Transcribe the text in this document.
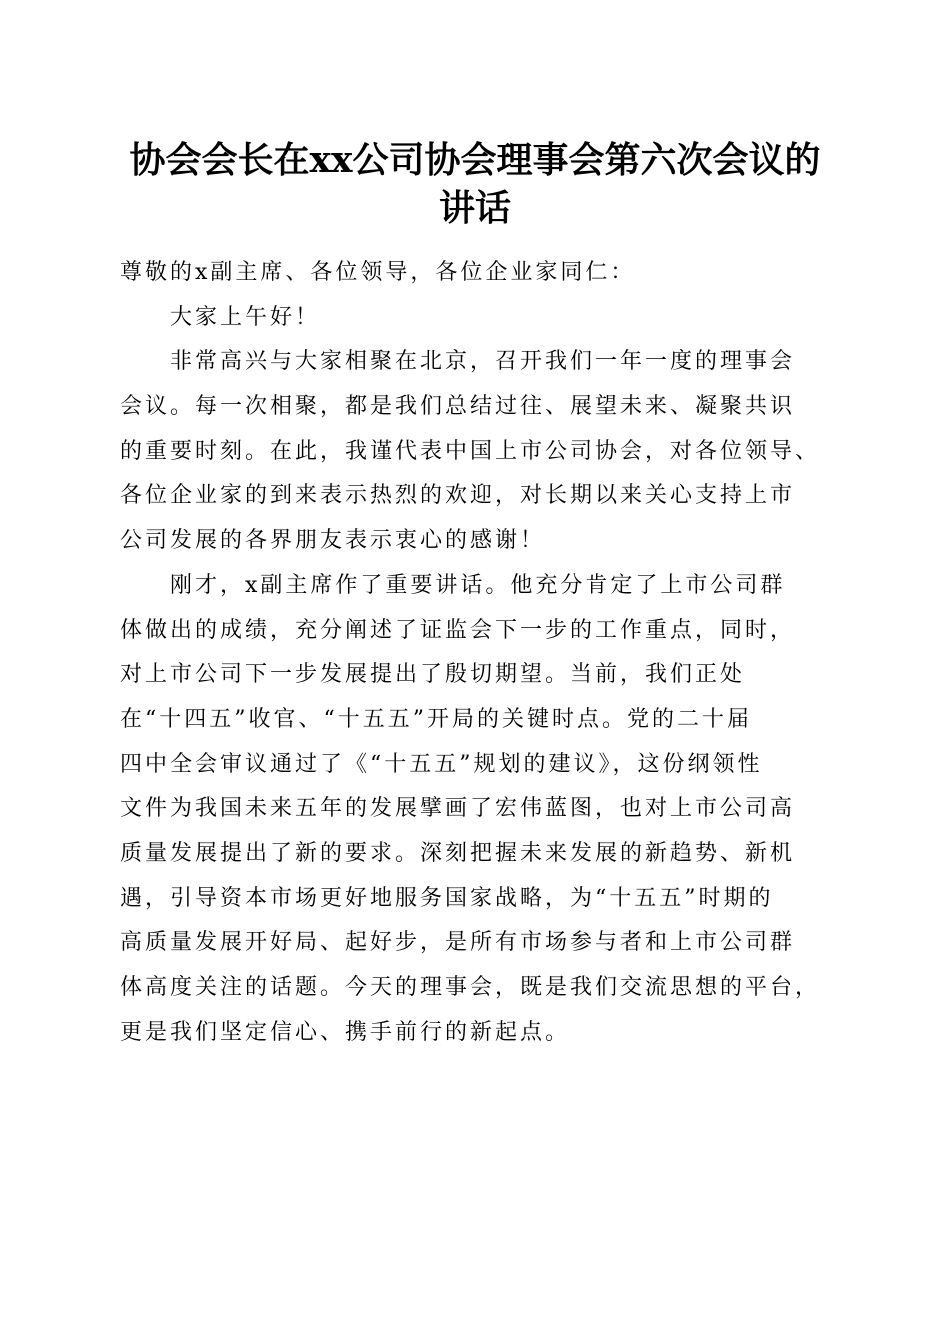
协会会长在xx公司协会理事会第六次会议的
讲话
尊敬的x副主席、各位领导，各位企业家同仁：
大家上午好！
非常高兴与大家相聚在北京，召开我们一年一度的理事会
会议。每一次相聚，都是我们总结过往、展望未来、凝聚共识
的重要时刻。在此，我谨代表中国上市公司协会，对各位领导、
各位企业家的到来表示热烈的欢迎，对长期以来关心支持上市
公司发展的各界朋友表示衷心的感谢！
刚才，x副主席作了重要讲话。他充分肯定了上市公司群
体做出的成绩，充分阐述了证监会下一步的工作重点，同时，
对上市公司下一步发展提出了殷切期望。当前，我们正处
在“十四五”收官、“十五五”开局的关键时点。党的二十届
四中全会审议通过了《“十五五”规划的建议》，这份纲领性
文件为我国未来五年的发展擘画了宏伟蓝图，也对上市公司高
质量发展提出了新的要求。深刻把握未来发展的新趋势、新机
遇，引导资本市场更好地服务国家战略，为“十五五”时期的
高质量发展开好局、起好步，是所有市场参与者和上市公司群
体高度关注的话题。今天的理事会，既是我们交流思想的平台，
更是我们坚定信心、携手前行的新起点。
